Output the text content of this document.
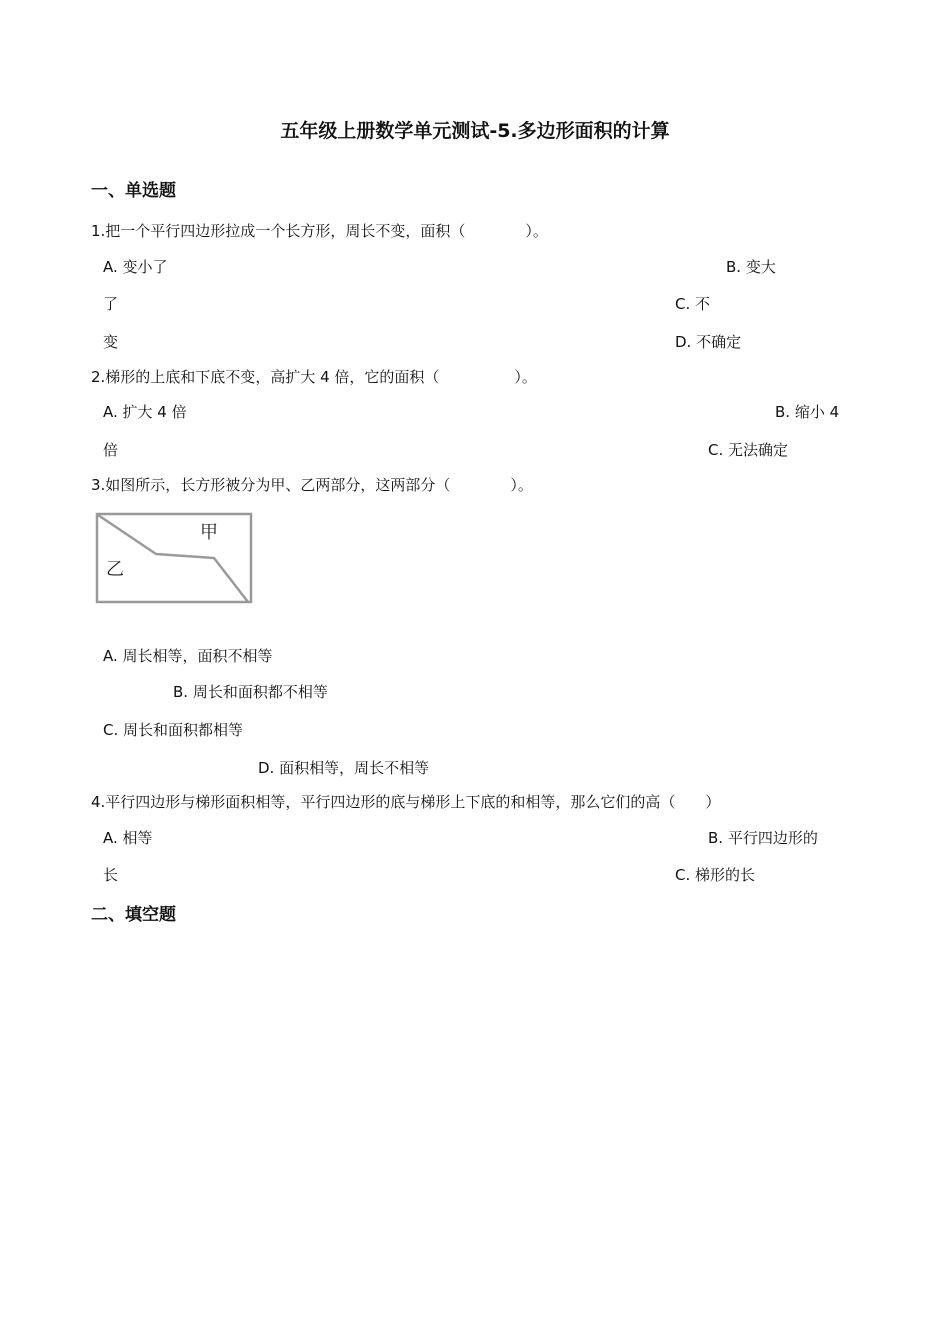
五年级上册数学单元测试-5.多边形面积的计算
一、单选题
1.把一个平行四边形拉成一个长方形，周长不变，面积（　　　　）。
A. 变小了	B. 变大
了	C. 不
变	D. 不确定
2.梯形的上底和下底不变，高扩大 4 倍，它的面积（　　　　　）。
A. 扩大 4 倍	B. 缩小 4
倍	C. 无法确定
3.如图所示，长方形被分为甲、乙两部分，这两部分（　　　　）。
甲
乙
A. 周长相等，面积不相等
B. 周长和面积都不相等
C. 周长和面积都相等
D. 面积相等，周长不相等
4.平行四边形与梯形面积相等，平行四边形的底与梯形上下底的和相等，那么它们的高（　　）
A. 相等	B. 平行四边形的
长	C. 梯形的长
二、填空题
